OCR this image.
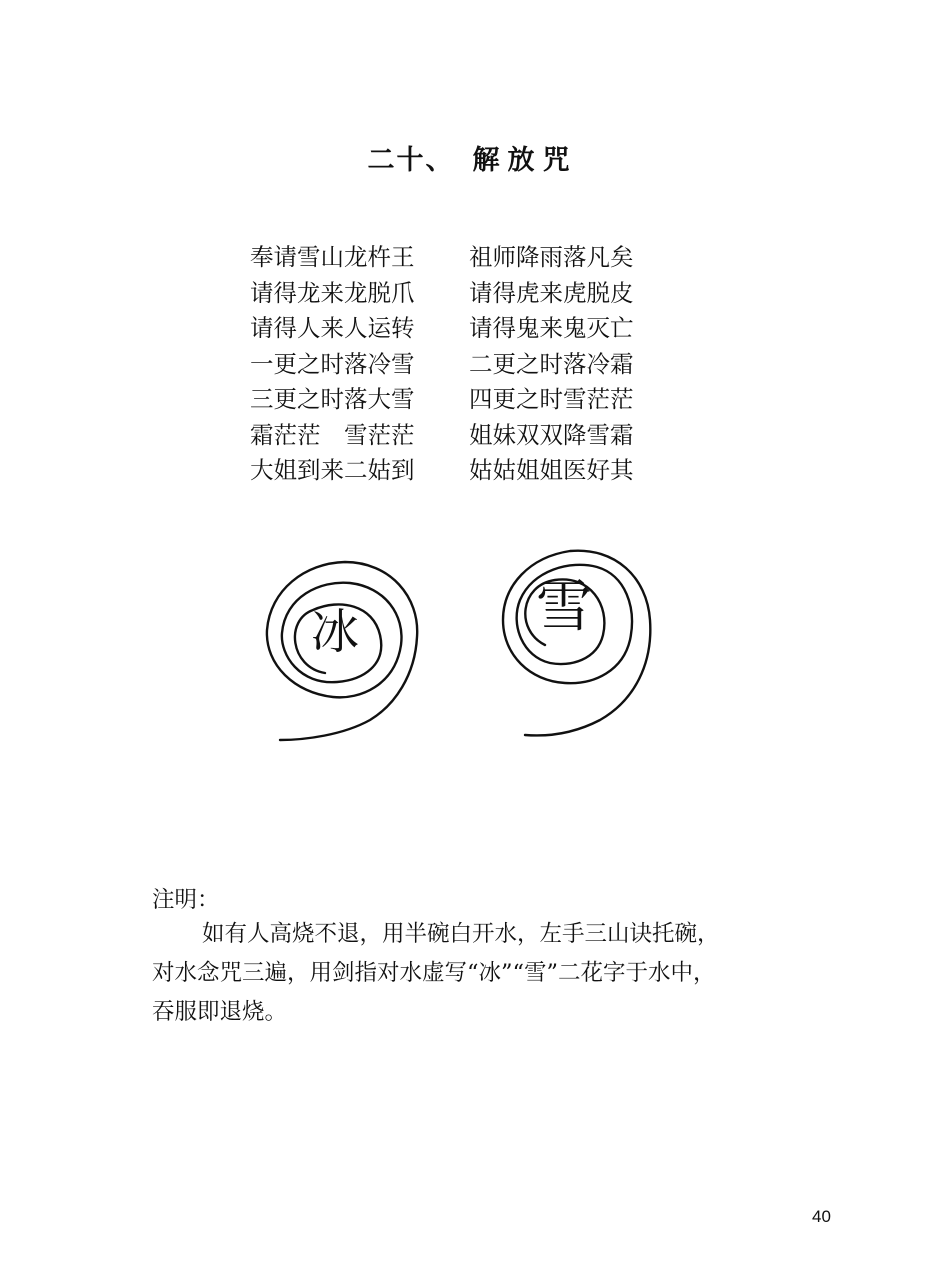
二十、 解放咒
奉请雪山龙杵王	祖师降雨落凡矣
请得龙来龙脱爪	请得虎来虎脱皮
请得人来人运转	请得鬼来鬼灭亡
一更之时落冷雪	二更之时落冷霜
三更之时落大雪	四更之时雪茫茫
霜茫茫　雪茫茫	姐妹双双降雪霜
大姐到来二姑到	姑姑姐姐医好其
冰	雪
注明：
如有人高烧不退，用半碗白开水，左手三山诀托碗，
对水念咒三遍，用剑指对水虚写“冰”“雪”二花字于水中，
吞服即退烧。
40
